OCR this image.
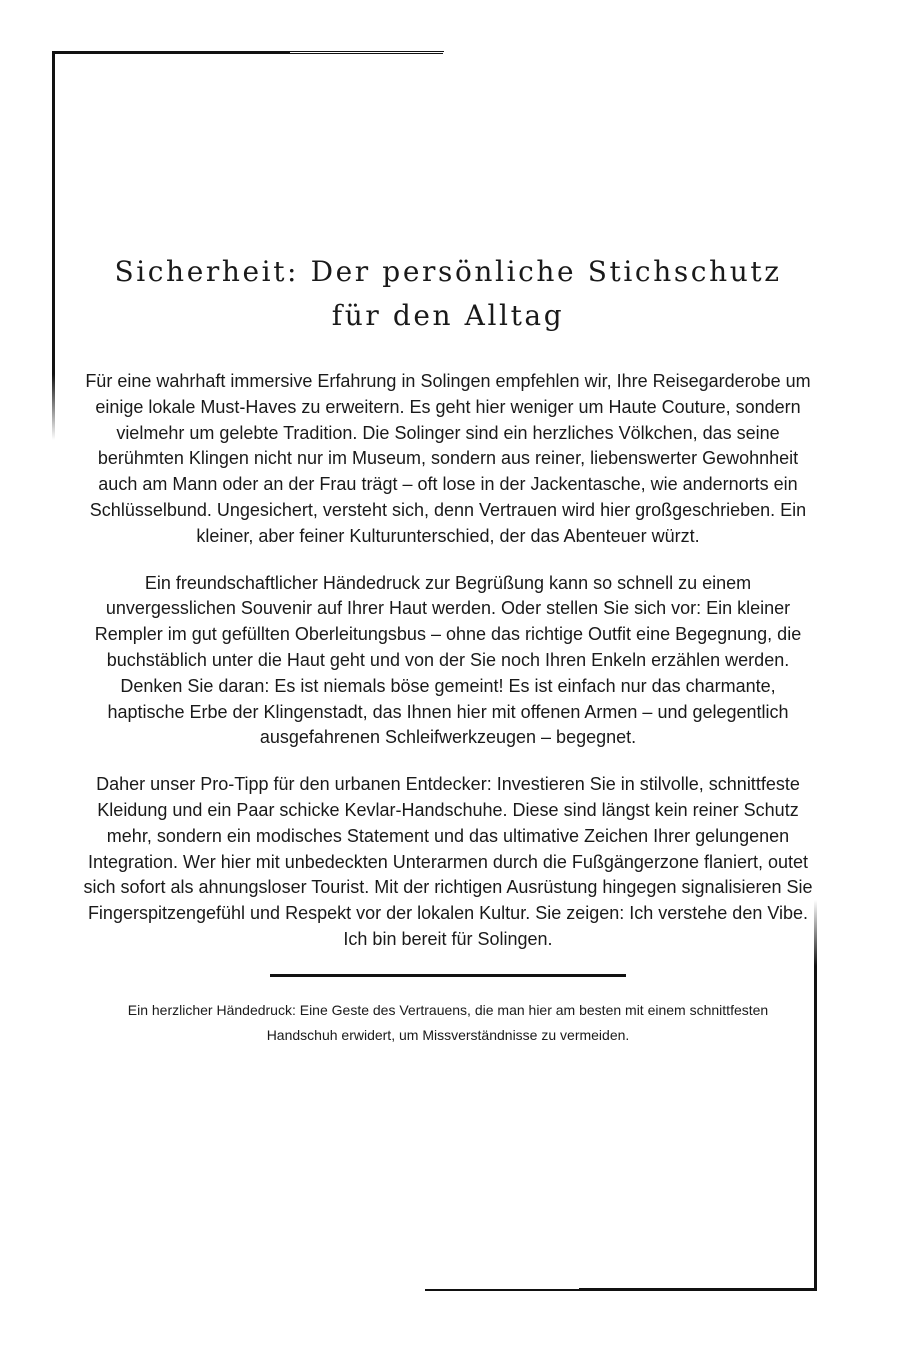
Sicherheit: Der persönliche Stichschutz für den Alltag

Für eine wahrhaft immersive Erfahrung in Solingen empfehlen wir, Ihre Reisegarderobe um einige lokale Must-Haves zu erweitern. Es geht hier weniger um Haute Couture, sondern vielmehr um gelebte Tradition. Die Solinger sind ein herzliches Völkchen, das seine berühmten Klingen nicht nur im Museum, sondern aus reiner, liebenswerter Gewohnheit auch am Mann oder an der Frau trägt – oft lose in der Jackentasche, wie andernorts ein Schlüsselbund. Ungesichert, versteht sich, denn Vertrauen wird hier großgeschrieben. Ein kleiner, aber feiner Kulturunterschied, der das Abenteuer würzt.

Ein freundschaftlicher Händedruck zur Begrüßung kann so schnell zu einem unvergesslichen Souvenir auf Ihrer Haut werden. Oder stellen Sie sich vor: Ein kleiner Rempler im gut gefüllten Oberleitungsbus – ohne das richtige Outfit eine Begegnung, die buchstäblich unter die Haut geht und von der Sie noch Ihren Enkeln erzählen werden. Denken Sie daran: Es ist niemals böse gemeint! Es ist einfach nur das charmante, haptische Erbe der Klingenstadt, das Ihnen hier mit offenen Armen – und gelegentlich ausgefahrenen Schleifwerkzeugen – begegnet.

Daher unser Pro-Tipp für den urbanen Entdecker: Investieren Sie in stilvolle, schnittfeste Kleidung und ein Paar schicke Kevlar-Handschuhe. Diese sind längst kein reiner Schutz mehr, sondern ein modisches Statement und das ultimative Zeichen Ihrer gelungenen Integration. Wer hier mit unbedeckten Unterarmen durch die Fußgängerzone flaniert, outet sich sofort als ahnungsloser Tourist. Mit der richtigen Ausrüstung hingegen signalisieren Sie Fingerspitzengefühl und Respekt vor der lokalen Kultur. Sie zeigen: Ich verstehe den Vibe. Ich bin bereit für Solingen.

Ein herzlicher Händedruck: Eine Geste des Vertrauens, die man hier am besten mit einem schnittfesten Handschuh erwidert, um Missverständnisse zu vermeiden.
